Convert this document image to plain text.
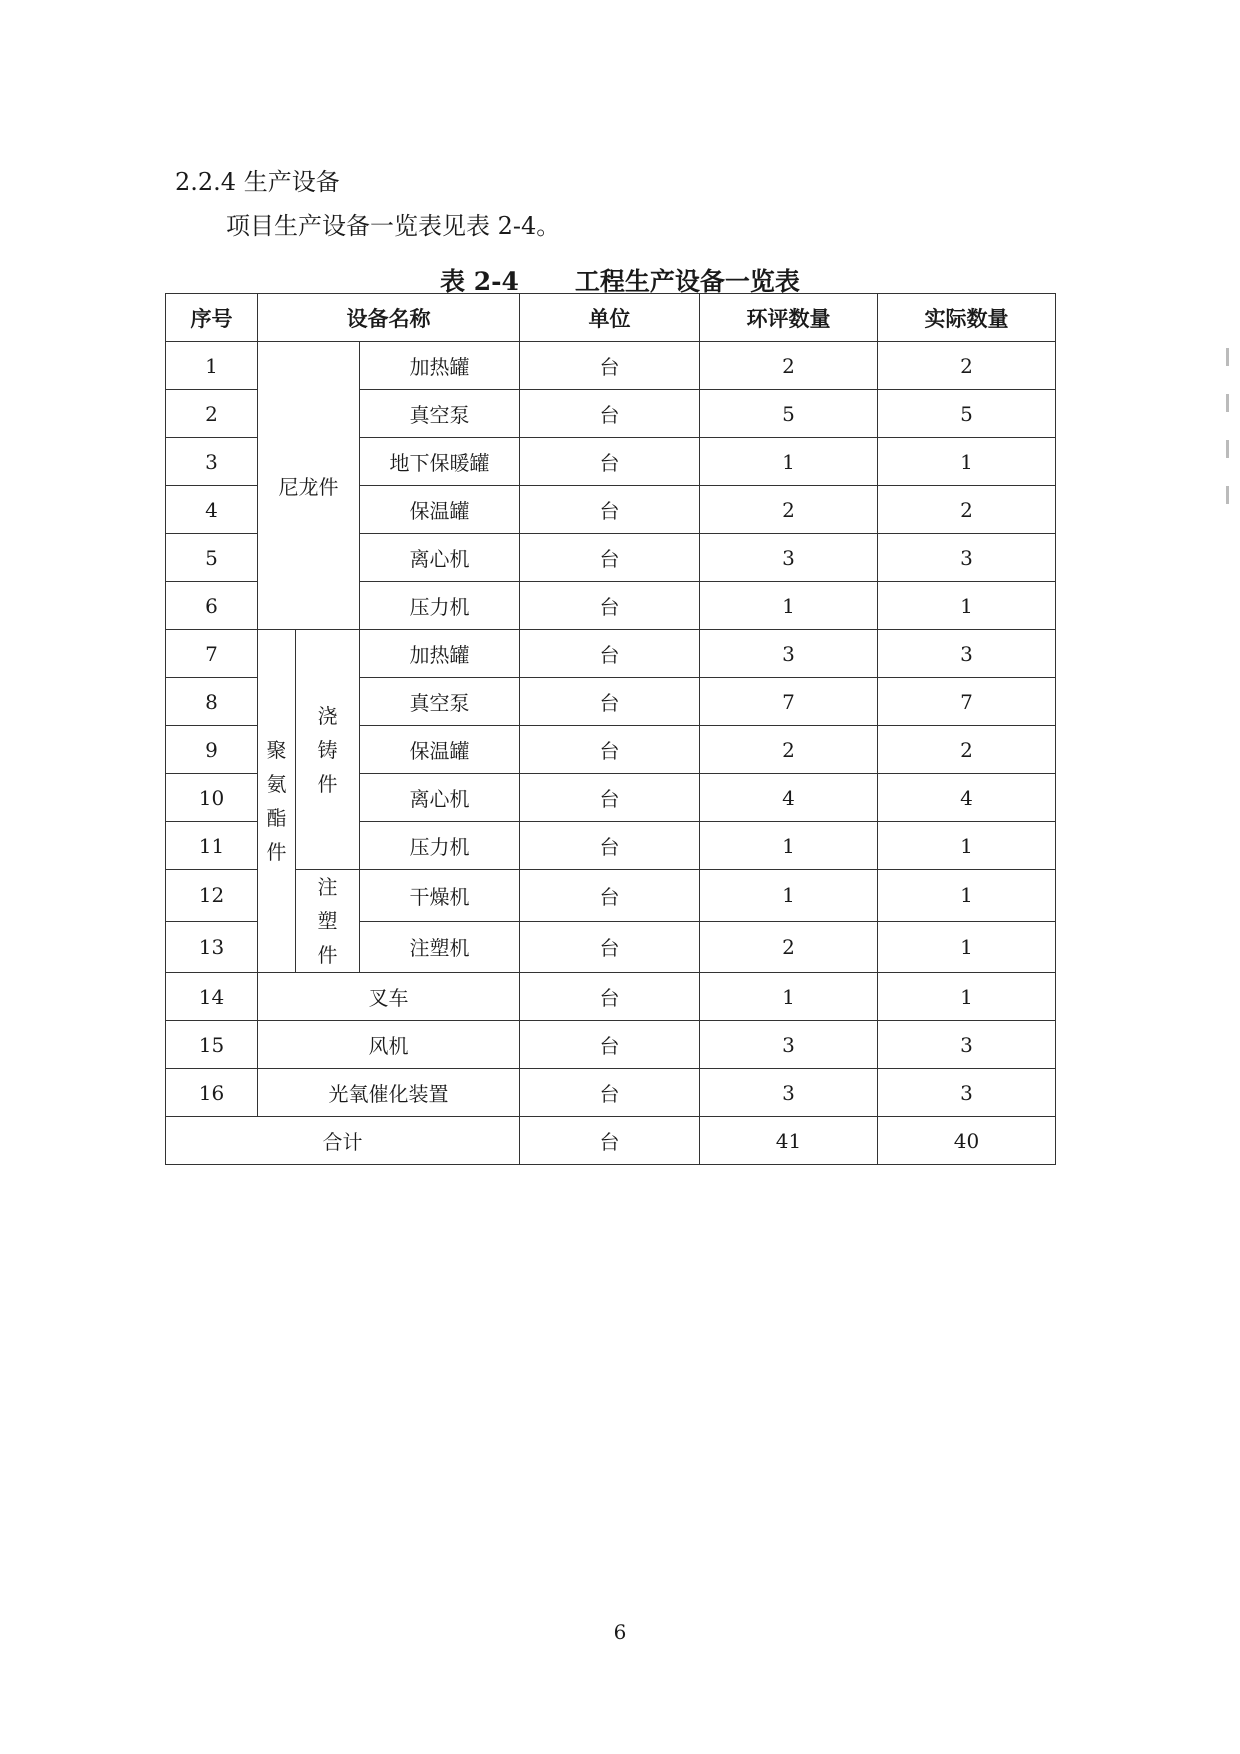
2.2.4 生产设备
项目生产设备一览表见表 2-4。
表 2-4 工程生产设备一览表
序号	设备名称			单位	环评数量	实际数量
1	尼龙件		加热罐	台	2	2
2			真空泵	台	5	5
3			地下保暖罐	台	1	1
4			保温罐	台	2	2
5			离心机	台	3	3
6			压力机	台	1	1
7	聚氨酯件	浇铸件	加热罐	台	3	3
8			真空泵	台	7	7
9			保温罐	台	2	2
10			离心机	台	4	4
11			压力机	台	1	1
12		注塑件	干燥机	台	1	1
13			注塑机	台	2	1
14	叉车			台	1	1
15	风机			台	3	3
16	光氧催化装置			台	3	3
合计				台	41	40
6
